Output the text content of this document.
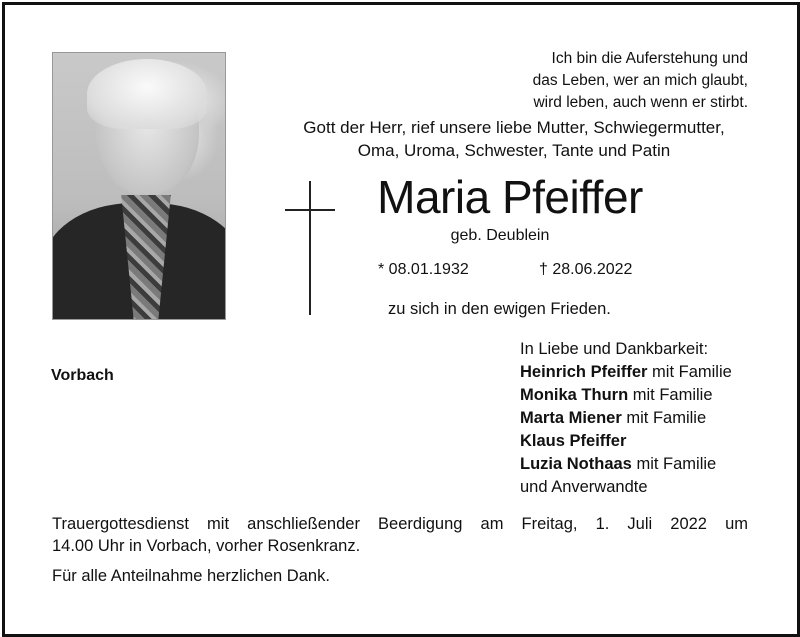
Ich bin die Auferstehung und
das Leben, wer an mich glaubt,
wird leben, auch wenn er stirbt.
Gott der Herr, rief unsere liebe Mutter, Schwiegermutter,
Oma, Uroma, Schwester, Tante und Patin
Maria Pfeiffer
geb. Deublein
* 08.01.1932	† 28.06.2022
zu sich in den ewigen Frieden.
Vorbach
In Liebe und Dankbarkeit:
Heinrich Pfeiffer mit Familie
Monika Thurn mit Familie
Marta Miener mit Familie
Klaus Pfeiffer
Luzia Nothaas mit Familie
und Anverwandte
Trauergottesdienst mit anschließender Beerdigung am Freitag, 1. Juli 2022 um
14.00 Uhr in Vorbach, vorher Rosenkranz.
Für alle Anteilnahme herzlichen Dank.
